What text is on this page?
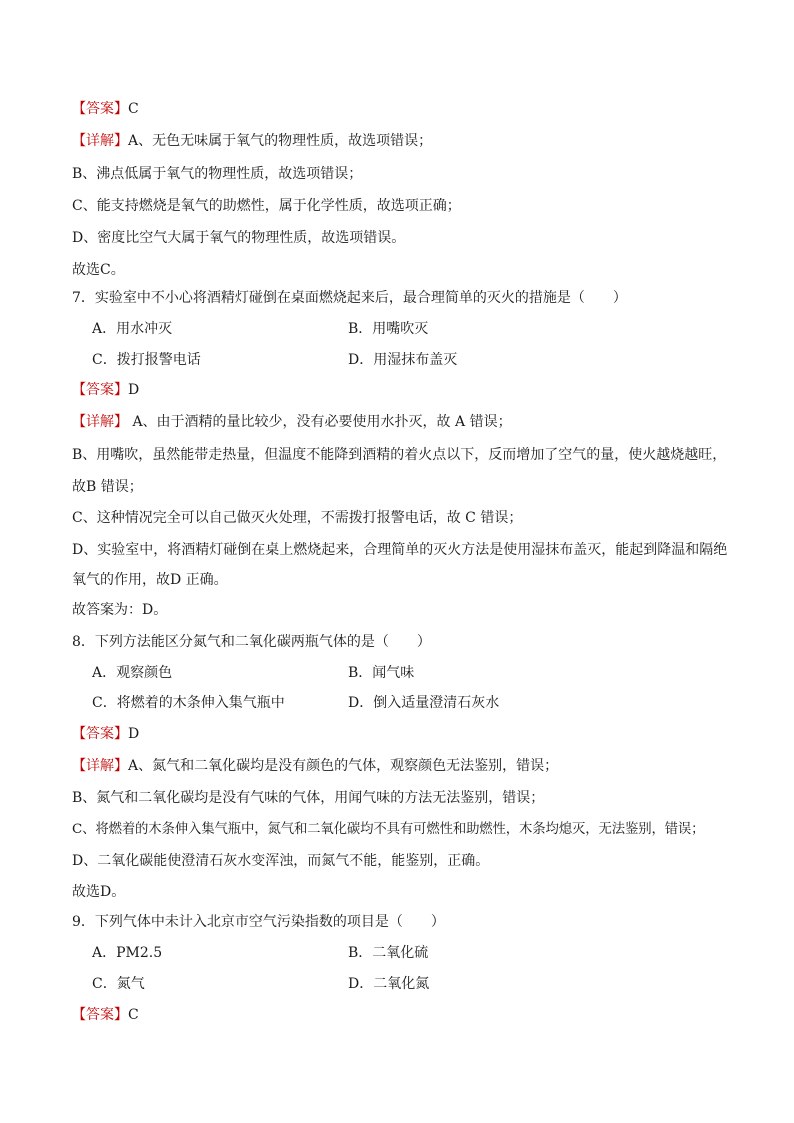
【答案】C
【详解】A、无色无味属于氧气的物理性质，故选项错误；
B、沸点低属于氧气的物理性质，故选项错误；
C、能支持燃烧是氧气的助燃性，属于化学性质，故选项正确；
D、密度比空气大属于氧气的物理性质，故选项错误。
故选C。
7．实验室中不小心将酒精灯碰倒在桌面燃烧起来后，最合理简单的灭火的措施是（　　）
A．用水冲灭	B．用嘴吹灭
C．拨打报警电话	D．用湿抹布盖灭
【答案】D
【详解】 A、由于酒精的量比较少，没有必要使用水扑灭，故 A 错误；
B、用嘴吹，虽然能带走热量，但温度不能降到酒精的着火点以下，反而增加了空气的量，使火越烧越旺，
故B 错误；
C、这种情况完全可以自己做灭火处理，不需拨打报警电话，故 C 错误；
D、实验室中，将酒精灯碰倒在桌上燃烧起来，合理简单的灭火方法是使用湿抹布盖灭，能起到降温和隔绝
氧气的作用，故D 正确。
故答案为：D。
8．下列方法能区分氮气和二氧化碳两瓶气体的是（　　）
A．观察颜色	B．闻气味
C．将燃着的木条伸入集气瓶中	D．倒入适量澄清石灰水
【答案】D
【详解】A、氮气和二氧化碳均是没有颜色的气体，观察颜色无法鉴别，错误；
B、氮气和二氧化碳均是没有气味的气体，用闻气味的方法无法鉴别，错误；
C、将燃着的木条伸入集气瓶中，氮气和二氧化碳均不具有可燃性和助燃性，木条均熄灭，无法鉴别，错误；
D、二氧化碳能使澄清石灰水变浑浊，而氮气不能，能鉴别，正确。
故选D。
9．下列气体中未计入北京市空气污染指数的项目是（　　）
A．PM2.5	B．二氧化硫
C．氮气	D．二氧化氮
【答案】C
